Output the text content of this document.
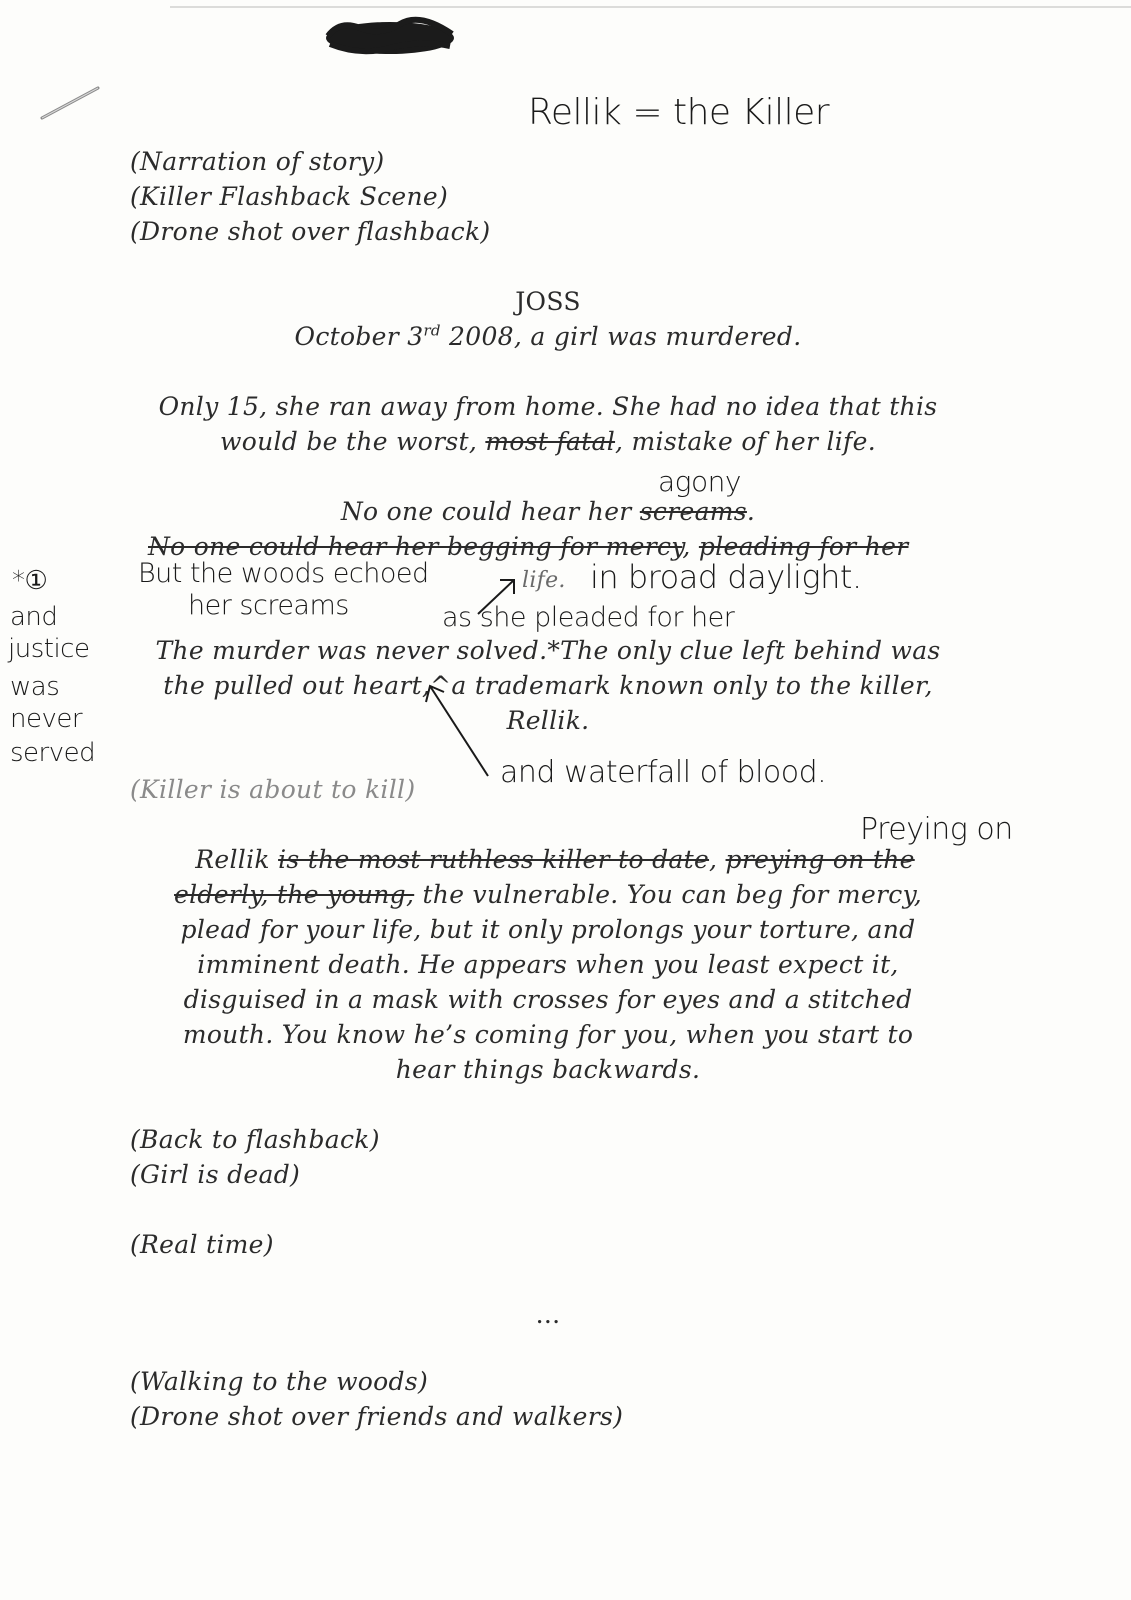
Rellik = the Killer
(Narration of story)
(Killer Flashback Scene)
(Drone shot over flashback)
JOSS
October 3rd 2008, a girl was murdered.
Only 15, she ran away from home. She had no idea that this
would be the worst, most fatal, mistake of her life.
agony
No one could hear her screams.
No one could hear her begging for mercy, pleading for her
life.
But the woods echoed
her screams
in broad daylight.
as she pleaded for her
*①
and
justice
was
never
served
The murder was never solved.*The only clue left behind was
the pulled out heart,^a trademark known only to the killer,
Rellik.
(Killer is about to kill)	and waterfall of blood.
Preying on
Rellik is the most ruthless killer to date, preying on the
elderly, the young, the vulnerable. You can beg for mercy,
plead for your life, but it only prolongs your torture, and
imminent death. He appears when you least expect it,
disguised in a mask with crosses for eyes and a stitched
mouth. You know he’s coming for you, when you start to
hear things backwards.
(Back to flashback)
(Girl is dead)
(Real time)
...
(Walking to the woods)
(Drone shot over friends and walkers)
